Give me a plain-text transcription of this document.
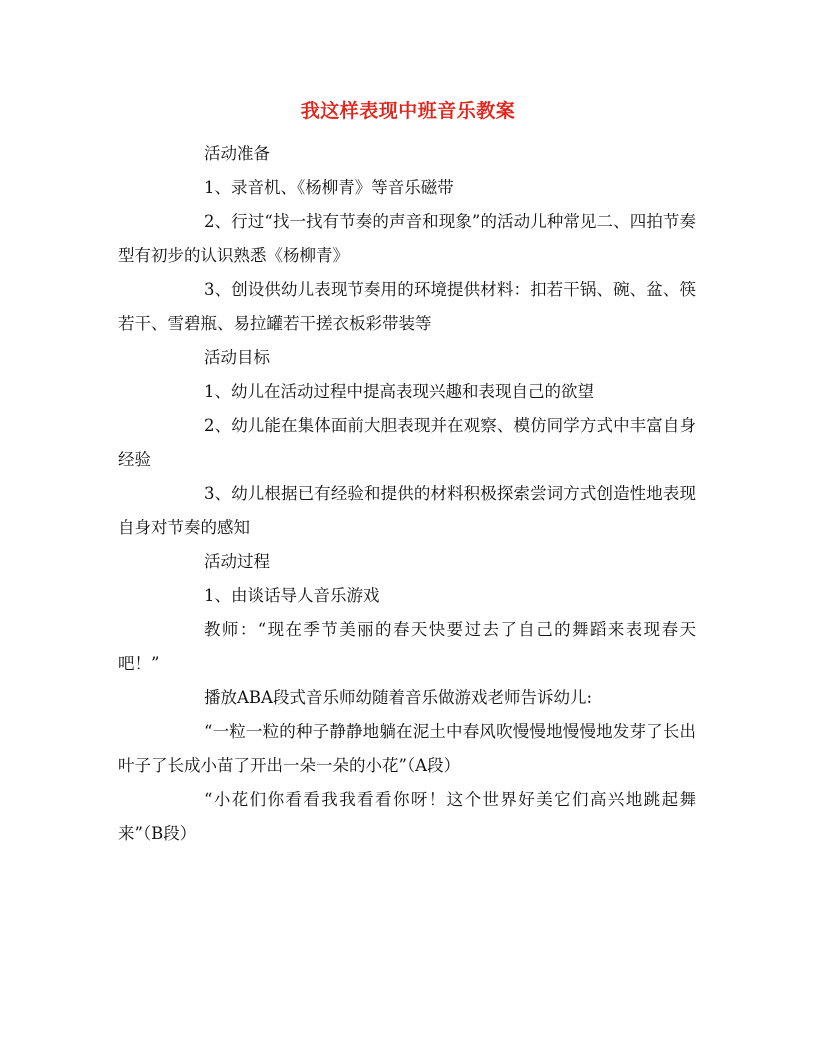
我这样表现中班音乐教案

活动准备

1、录音机、《杨柳青》等音乐磁带

2、行过“找一找有节奏的声音和现象”的活动儿种常见二、四拍节奏型有初步的认识熟悉《杨柳青》

3、创设供幼儿表现节奏用的环境提供材料：扣若干锅、碗、盆、筷若干、雪碧瓶、易拉罐若干搓衣板彩带装等

活动目标

1、幼儿在活动过程中提高表现兴趣和表现自己的欲望

2、幼儿能在集体面前大胆表现并在观察、模仿同学方式中丰富自身经验

3、幼儿根据已有经验和提供的材料积极探索尝词方式创造性地表现自身对节奏的感知

活动过程

1、由谈话导人音乐游戏

教师：“现在季节美丽的春天快要过去了自己的舞蹈来表现春天吧！”

播放ABA段式音乐师幼随着音乐做游戏老师告诉幼儿:

“一粒一粒的种子静静地躺在泥土中春风吹慢慢地慢慢地发芽了长出叶子了长成小苗了开出一朵一朵的小花”（A段）

“小花们你看看我我看看你呀！这个世界好美它们高兴地跳起舞来”（B段）
